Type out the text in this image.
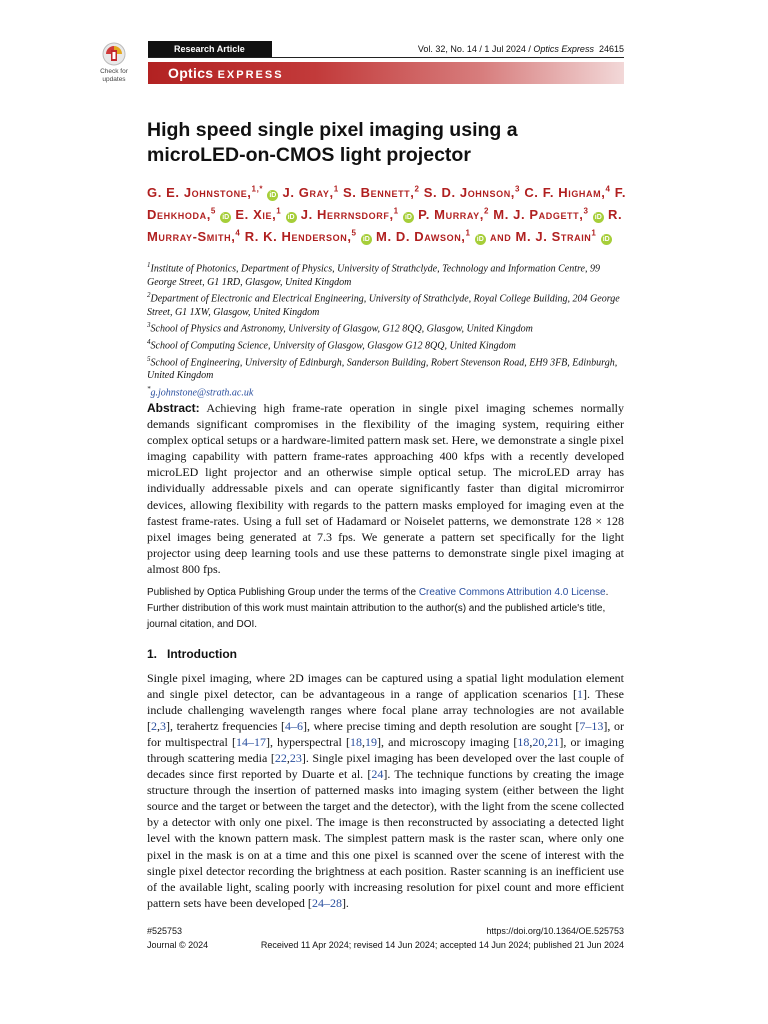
Check for
updates
Research Article	Vol. 32, No. 14 / 1 Jul 2024 / Optics Express 24615
Optics EXPRESS
High speed single pixel imaging using a
microLED-on-CMOS light projector
G. E. Johnstone,$^{1,*}$ iD J. Gray,$^1$ S. Bennett,$^2$ S. D. Johnson,$^3$ C. F. Higham,$^4$ F. Dehkhoda,$^5$ iD E. Xie,$^1$ iD J. Herrnsdorf,$^1$ iD P. Murray,$^2$ M. J. Padgett,$^3$ iD R. Murray-Smith,$^4$ R. K. Henderson,$^5$ iD M. D. Dawson,$^1$ iD and M. J. Strain$^1$ iD
$^1$Institute of Photonics, Department of Physics, University of Strathclyde, Technology and Information Centre, 99 George Street, G1 1RD, Glasgow, United Kingdom
$^2$Department of Electronic and Electrical Engineering, University of Strathclyde, Royal College Building, 204 George Street, G1 1XW, Glasgow, United Kingdom
$^3$School of Physics and Astronomy, University of Glasgow, G12 8QQ, Glasgow, United Kingdom
$^4$School of Computing Science, University of Glasgow, Glasgow G12 8QQ, United Kingdom
$^5$School of Engineering, University of Edinburgh, Sanderson Building, Robert Stevenson Road, EH9 3FB, Edinburgh, United Kingdom
*g.johnstone@strath.ac.uk
Abstract: Achieving high frame-rate operation in single pixel imaging schemes normally demands significant compromises in the flexibility of the imaging system, requiring either complex optical setups or a hardware-limited pattern mask set. Here, we demonstrate a single pixel imaging capability with pattern frame-rates approaching 400 kfps with a recently developed microLED light projector and an otherwise simple optical setup. The microLED array has individually addressable pixels and can operate significantly faster than digital micromirror devices, allowing flexibility with regards to the pattern masks employed for imaging even at the fastest frame-rates. Using a full set of Hadamard or Noiselet patterns, we demonstrate 128 × 128 pixel images being generated at 7.3 fps. We generate a pattern set specifically for the light projector using deep learning tools and use these patterns to demonstrate single pixel imaging at almost 800 fps.
Published by Optica Publishing Group under the terms of the Creative Commons Attribution 4.0 License. Further distribution of this work must maintain attribution to the author(s) and the published article's title, journal citation, and DOI.
1.   Introduction
Single pixel imaging, where 2D images can be captured using a spatial light modulation element and single pixel detector, can be advantageous in a range of application scenarios [1]. These include challenging wavelength ranges where focal plane array technologies are not available [2,3], terahertz frequencies [4–6], where precise timing and depth resolution are sought [7–13], or for multispectral [14–17], hyperspectral [18,19], and microscopy imaging [18,20,21], or imaging through scattering media [22,23]. Single pixel imaging has been developed over the last couple of decades since first reported by Duarte et al. [24]. The technique functions by creating the image structure through the insertion of patterned masks into imaging system (either between the light source and the target or between the target and the detector), with the light from the scene collected by a detector with only one pixel. The image is then reconstructed by associating a detected light level with the known pattern mask. The simplest pattern mask is the raster scan, where only one pixel in the mask is on at a time and this one pixel is scanned over the scene of interest with the single pixel detector recording the brightness at each position. Raster scanning is an inefficient use of the available light, scaling poorly with increasing resolution for pixel count and more efficient pattern sets have been developed [24–28].
#525753	https://doi.org/10.1364/OE.525753
Journal © 2024	Received 11 Apr 2024; revised 14 Jun 2024; accepted 14 Jun 2024; published 21 Jun 2024
